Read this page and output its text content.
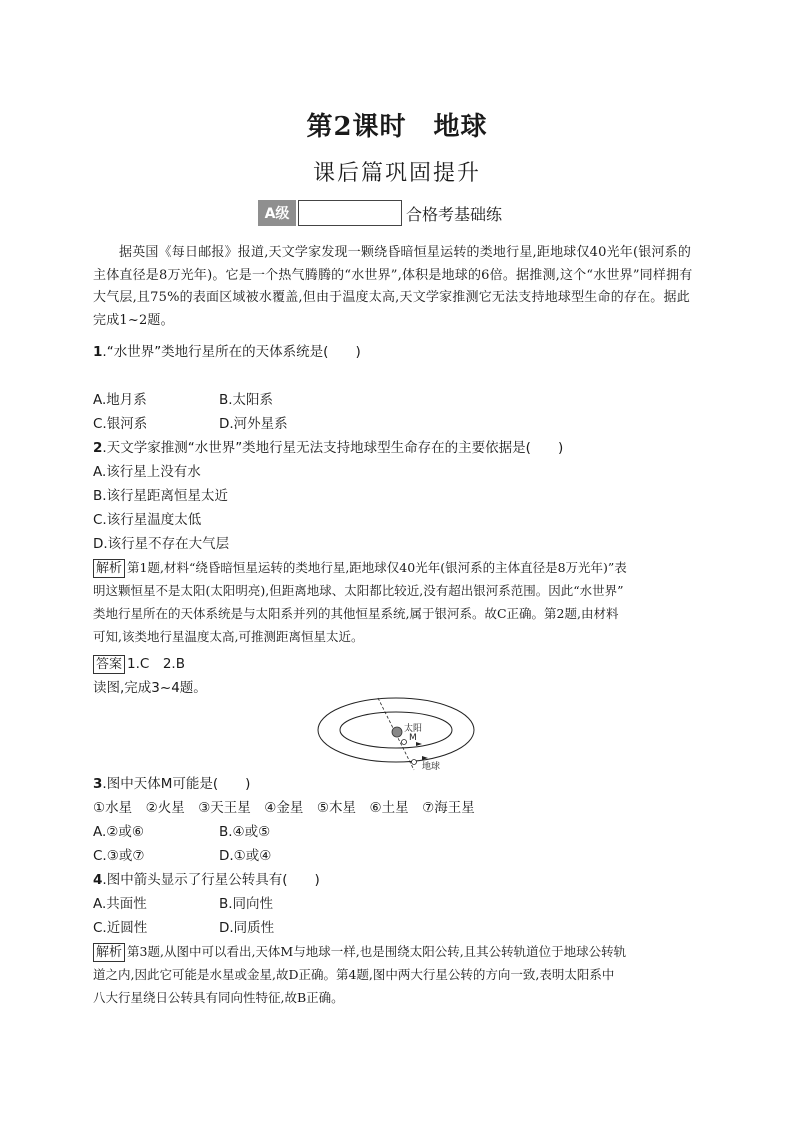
第2课时　地球
课后篇巩固提升
A级	合格考基础练
据英国《每日邮报》报道,天文学家发现一颗绕昏暗恒星运转的类地行星,距地球仅40光年(银河系的主体直径是8万光年)。它是一个热气腾腾的“水世界”,体积是地球的6倍。据推测,这个“水世界”同样拥有大气层,且75%的表面区域被水覆盖,但由于温度太高,天文学家推测它无法支持地球型生命的存在。据此完成1~2题。
1.“水世界”类地行星所在的天体系统是(　　)
A.地月系	B.太阳系
C.银河系	D.河外星系
2.天文学家推测“水世界”类地行星无法支持地球型生命存在的主要依据是(　　)
A.该行星上没有水
B.该行星距离恒星太近
C.该行星温度太低
D.该行星不存在大气层
解析 第1题,材料“绕昏暗恒星运转的类地行星,距地球仅40光年(银河系的主体直径是8万光年)”表
明这颗恒星不是太阳(太阳明亮),但距离地球、太阳都比较近,没有超出银河系范围。因此“水世界”
类地行星所在的天体系统是与太阳系并列的其他恒星系统,属于银河系。故C正确。第2题,由材料
可知,该类地行星温度太高,可推测距离恒星太近。
答案 1.C　2.B
读图,完成3~4题。
太阳
M
地球
3.图中天体M可能是(　　)
①水星　②火星　③天王星　④金星　⑤木星　⑥土星　⑦海王星
A.②或⑥	B.④或⑤
C.③或⑦	D.①或④
4.图中箭头显示了行星公转具有(　　)
A.共面性	B.同向性
C.近圆性	D.同质性
解析 第3题,从图中可以看出,天体M与地球一样,也是围绕太阳公转,且其公转轨道位于地球公转轨
道之内,因此它可能是水星或金星,故D正确。第4题,图中两大行星公转的方向一致,表明太阳系中
八大行星绕日公转具有同向性特征,故B正确。
